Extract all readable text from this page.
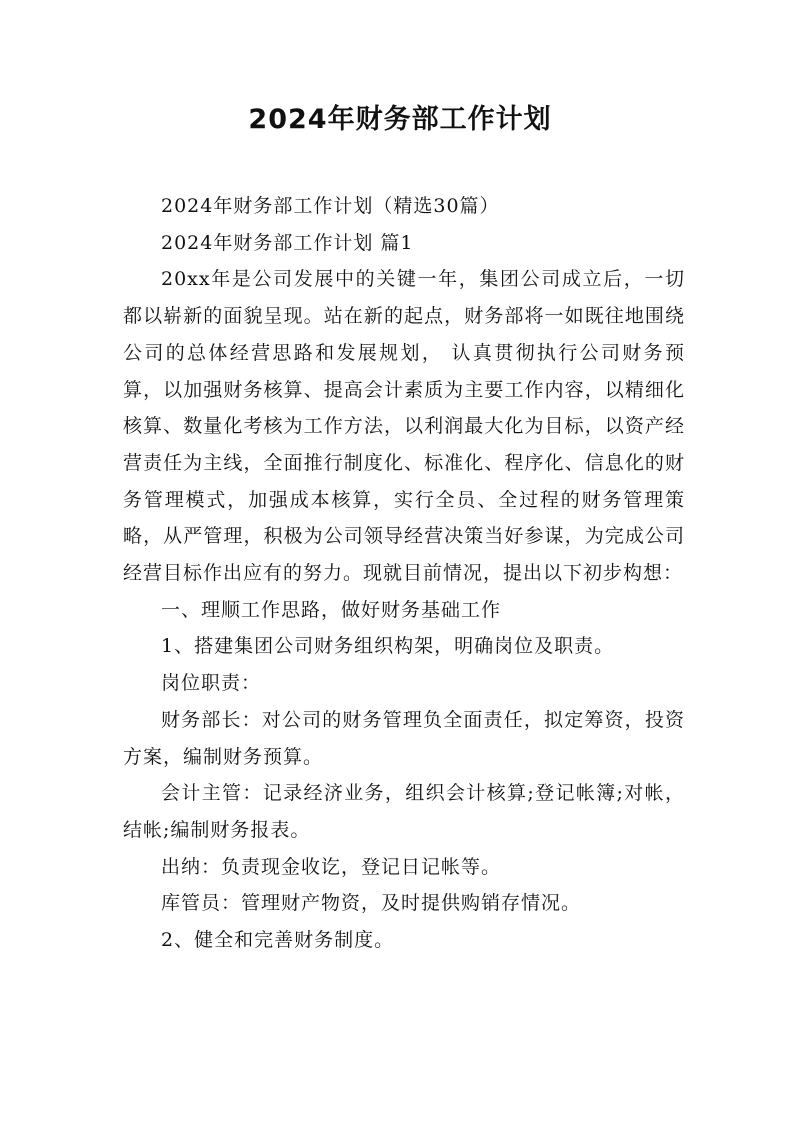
2024年财务部工作计划

2024年财务部工作计划（精选30篇）

2024年财务部工作计划 篇1

20xx年是公司发展中的关键一年，集团公司成立后，一切都以崭新的面貌呈现。站在新的起点，财务部将一如既往地围绕公司的总体经营思路和发展规划， 认真贯彻执行公司财务预算，以加强财务核算、提高会计素质为主要工作内容，以精细化核算、数量化考核为工作方法，以利润最大化为目标，以资产经营责任为主线，全面推行制度化、标准化、程序化、信息化的财务管理模式，加强成本核算，实行全员、全过程的财务管理策略，从严管理，积极为公司领导经营决策当好参谋，为完成公司经营目标作出应有的努力。现就目前情况，提出以下初步构想：

一、理顺工作思路，做好财务基础工作

1、搭建集团公司财务组织构架，明确岗位及职责。

岗位职责：

财务部长：对公司的财务管理负全面责任，拟定筹资，投资方案，编制财务预算。

会计主管：记录经济业务，组织会计核算;登记帐簿;对帐，结帐;编制财务报表。

出纳：负责现金收讫，登记日记帐等。

库管员：管理财产物资，及时提供购销存情况。

2、健全和完善财务制度。
